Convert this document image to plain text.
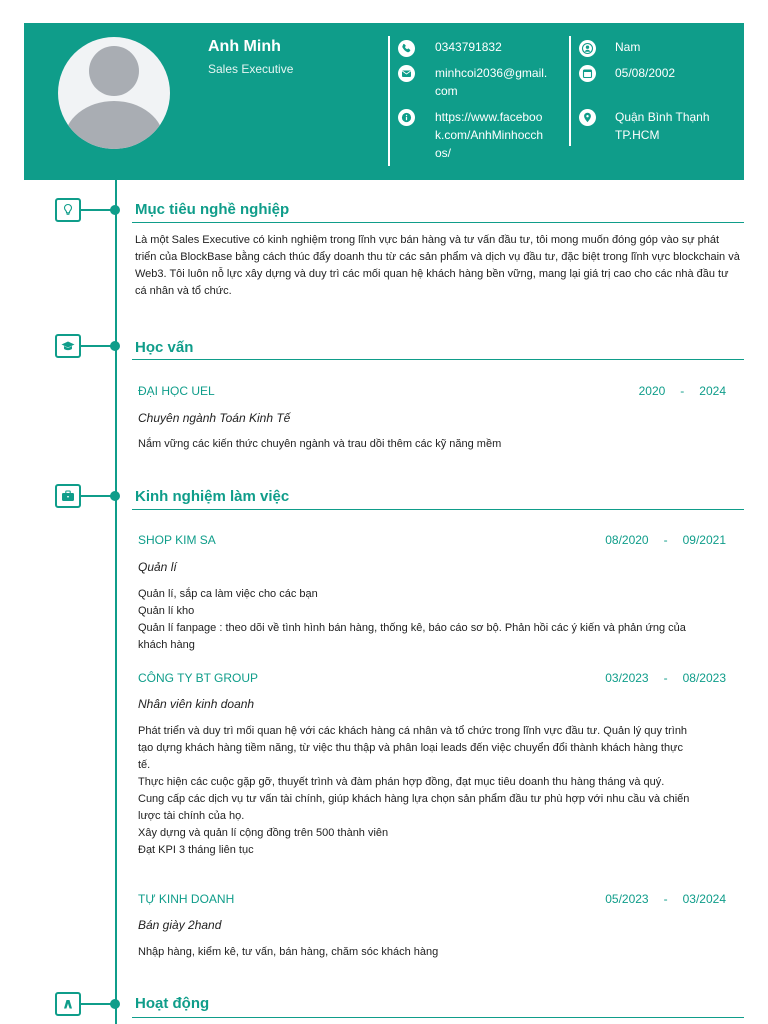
Anh Minh
Sales Executive
0343791832
minhcoi2036@gmail.
com
https://www.faceboo
k.com/AnhMinhocch
os/
Nam
05/08/2002
Quận Bình Thạnh
TP.HCM
Mục tiêu nghề nghiệp
Là một Sales Executive có kinh nghiệm trong lĩnh vực bán hàng và tư vấn đầu tư, tôi mong muốn đóng góp vào sự phát triển của BlockBase bằng cách thúc đẩy doanh thu từ các sản phẩm và dịch vụ đầu tư, đặc biệt trong lĩnh vực blockchain và Web3. Tôi luôn nỗ lực xây dựng và duy trì các mối quan hệ khách hàng bền vững, mang lại giá trị cao cho các nhà đầu tư cá nhân và tổ chức.
Học vấn
ĐẠI HỌC UEL	2020 - 2024
Chuyên ngành Toán Kinh Tế
Nắm vững các kiến thức chuyên ngành và trau dồi thêm các kỹ năng mềm
Kinh nghiệm làm việc
SHOP KIM SA	08/2020 - 09/2021
Quản lí
Quản lí, sắp ca làm việc cho các bạn
Quản lí kho
Quản lí fanpage : theo dõi về tình hình bán hàng, thống kê, báo cáo sơ bộ. Phản hồi các ý kiến và phản ứng của
khách hàng
CÔNG TY BT GROUP	03/2023 - 08/2023
Nhân viên kinh doanh
Phát triển và duy trì mối quan hệ với các khách hàng cá nhân và tổ chức trong lĩnh vực đầu tư. Quản lý quy trình
tạo dựng khách hàng tiềm năng, từ việc thu thập và phân loại leads đến việc chuyển đổi thành khách hàng thực
tế.
Thực hiện các cuộc gặp gỡ, thuyết trình và đàm phán hợp đồng, đạt mục tiêu doanh thu hàng tháng và quý.
Cung cấp các dịch vụ tư vấn tài chính, giúp khách hàng lựa chọn sản phẩm đầu tư phù hợp với nhu cầu và chiến
lược tài chính của họ.
Xây dựng và quản lí cộng đồng trên 500 thành viên
Đạt KPI 3 tháng liên tục
TỰ KINH DOANH	05/2023 - 03/2024
Bán giày 2hand
Nhập hàng, kiểm kê, tư vấn, bán hàng, chăm sóc khách hàng
Hoạt động
